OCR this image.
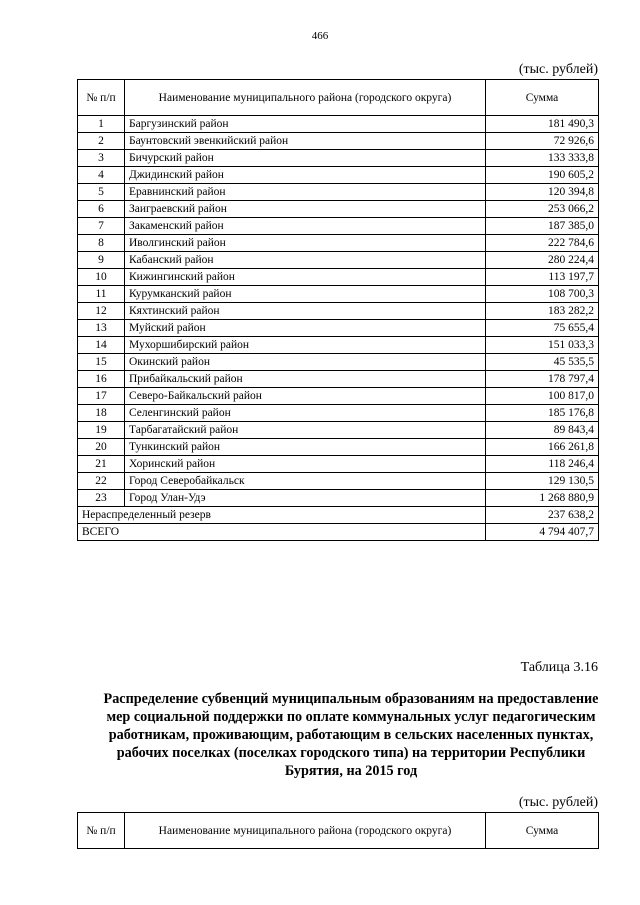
466
(тыс. рублей)
№ п/п	Наименование муниципального района (городского округа)	Сумма
1	Баргузинский район	181 490,3
2	Баунтовский эвенкийский район	72 926,6
3	Бичурский район	133 333,8
4	Джидинский район	190 605,2
5	Еравнинский район	120 394,8
6	Заиграевский район	253 066,2
7	Закаменский район	187 385,0
8	Иволгинский район	222 784,6
9	Кабанский район	280 224,4
10	Кижингинский район	113 197,7
11	Курумканский район	108 700,3
12	Кяхтинский район	183 282,2
13	Муйский район	75 655,4
14	Мухоршибирский район	151 033,3
15	Окинский район	45 535,5
16	Прибайкальский район	178 797,4
17	Северо-Байкальский район	100 817,0
18	Селенгинский район	185 176,8
19	Тарбагатайский район	89 843,4
20	Тункинский район	166 261,8
21	Хоринский район	118 246,4
22	Город Северобайкальск	129 130,5
23	Город Улан-Удэ	1 268 880,9
Нераспределенный резерв		237 638,2
ВСЕГО		4 794 407,7
Таблица 3.16
Распределение субвенций муниципальным образованиям на предоставление мер социальной поддержки по оплате коммунальных услуг педагогическим работникам, проживающим, работающим в сельских населенных пунктах, рабочих поселках (поселках городского типа) на территории Республики Бурятия, на 2015 год
(тыс. рублей)
№ п/п	Наименование муниципального района (городского округа)	Сумма
